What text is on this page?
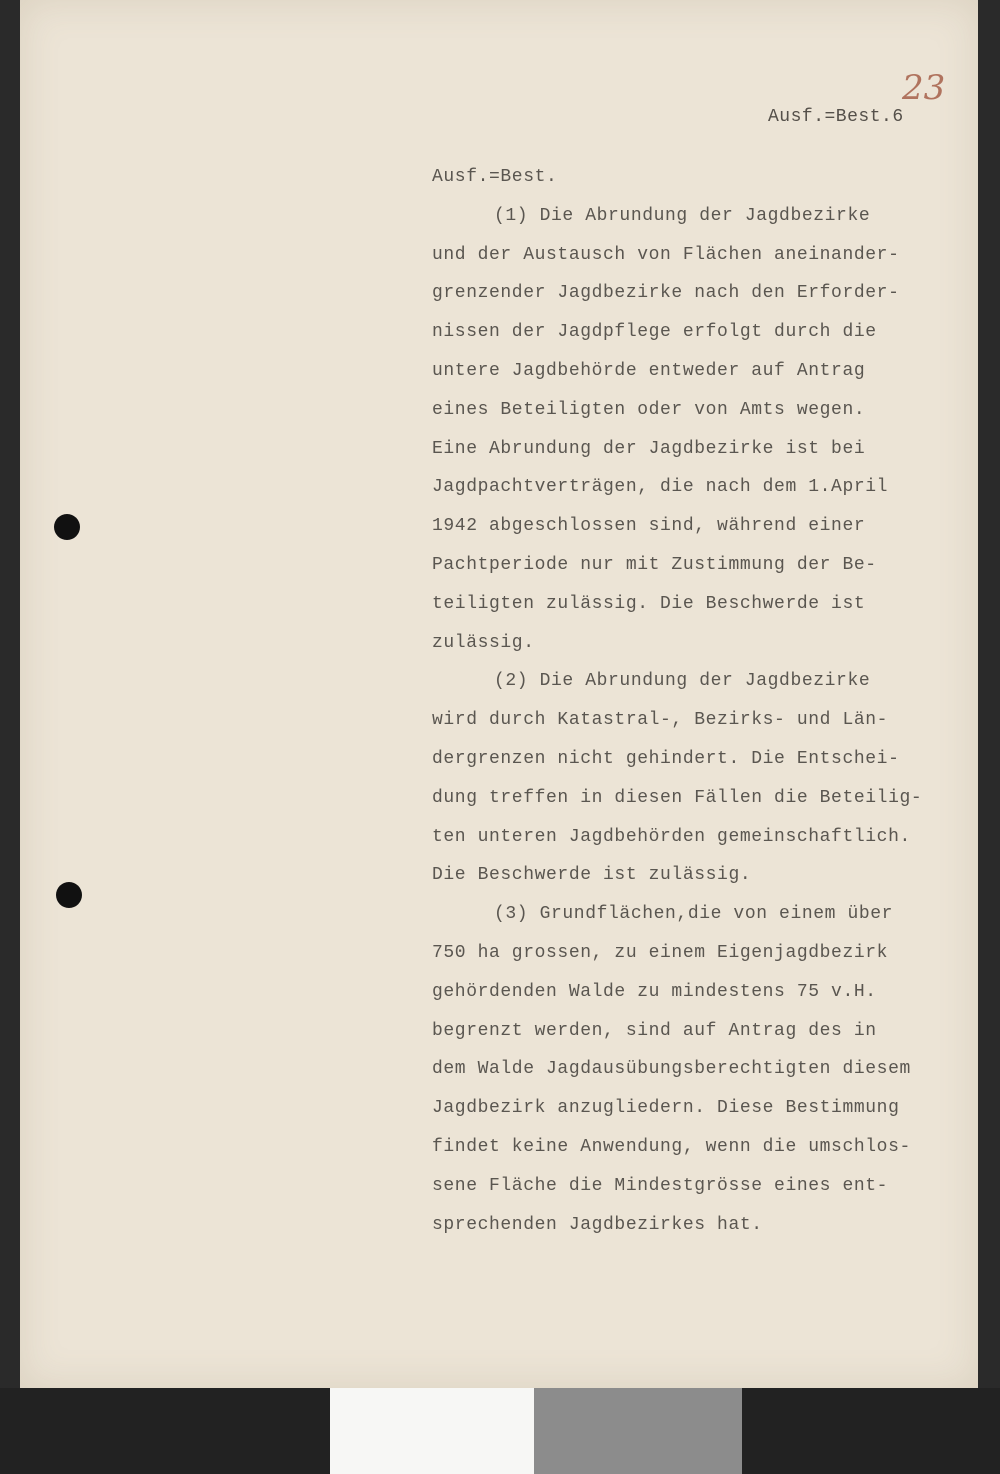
23
Ausf.=Best.6
Ausf.=Best.
(1) Die Abrundung der Jagdbezirke
und der Austausch von Flächen aneinander-
grenzender Jagdbezirke nach den Erforder-
nissen der Jagdpflege erfolgt durch die
untere Jagdbehörde entweder auf Antrag
eines Beteiligten oder von Amts wegen.
Eine Abrundung der Jagdbezirke ist bei
Jagdpachtverträgen, die nach dem 1.April
1942 abgeschlossen sind, während einer
Pachtperiode nur mit Zustimmung der Be-
teiligten zulässig. Die Beschwerde ist
zulässig.
(2) Die Abrundung der Jagdbezirke
wird durch Katastral-, Bezirks- und Län-
dergrenzen nicht gehindert. Die Entschei-
dung treffen in diesen Fällen die Beteilig-
ten unteren Jagdbehörden gemeinschaftlich.
Die Beschwerde ist zulässig.
(3) Grundflächen,die von einem über
750 ha grossen, zu einem Eigenjagdbezirk
gehördenden Walde zu mindestens 75 v.H.
begrenzt werden, sind auf Antrag des in
dem Walde Jagdausübungsberechtigten diesem
Jagdbezirk anzugliedern. Diese Bestimmung
findet keine Anwendung, wenn die umschlos-
sene Fläche die Mindestgrösse eines ent-
sprechenden Jagdbezirkes hat.
